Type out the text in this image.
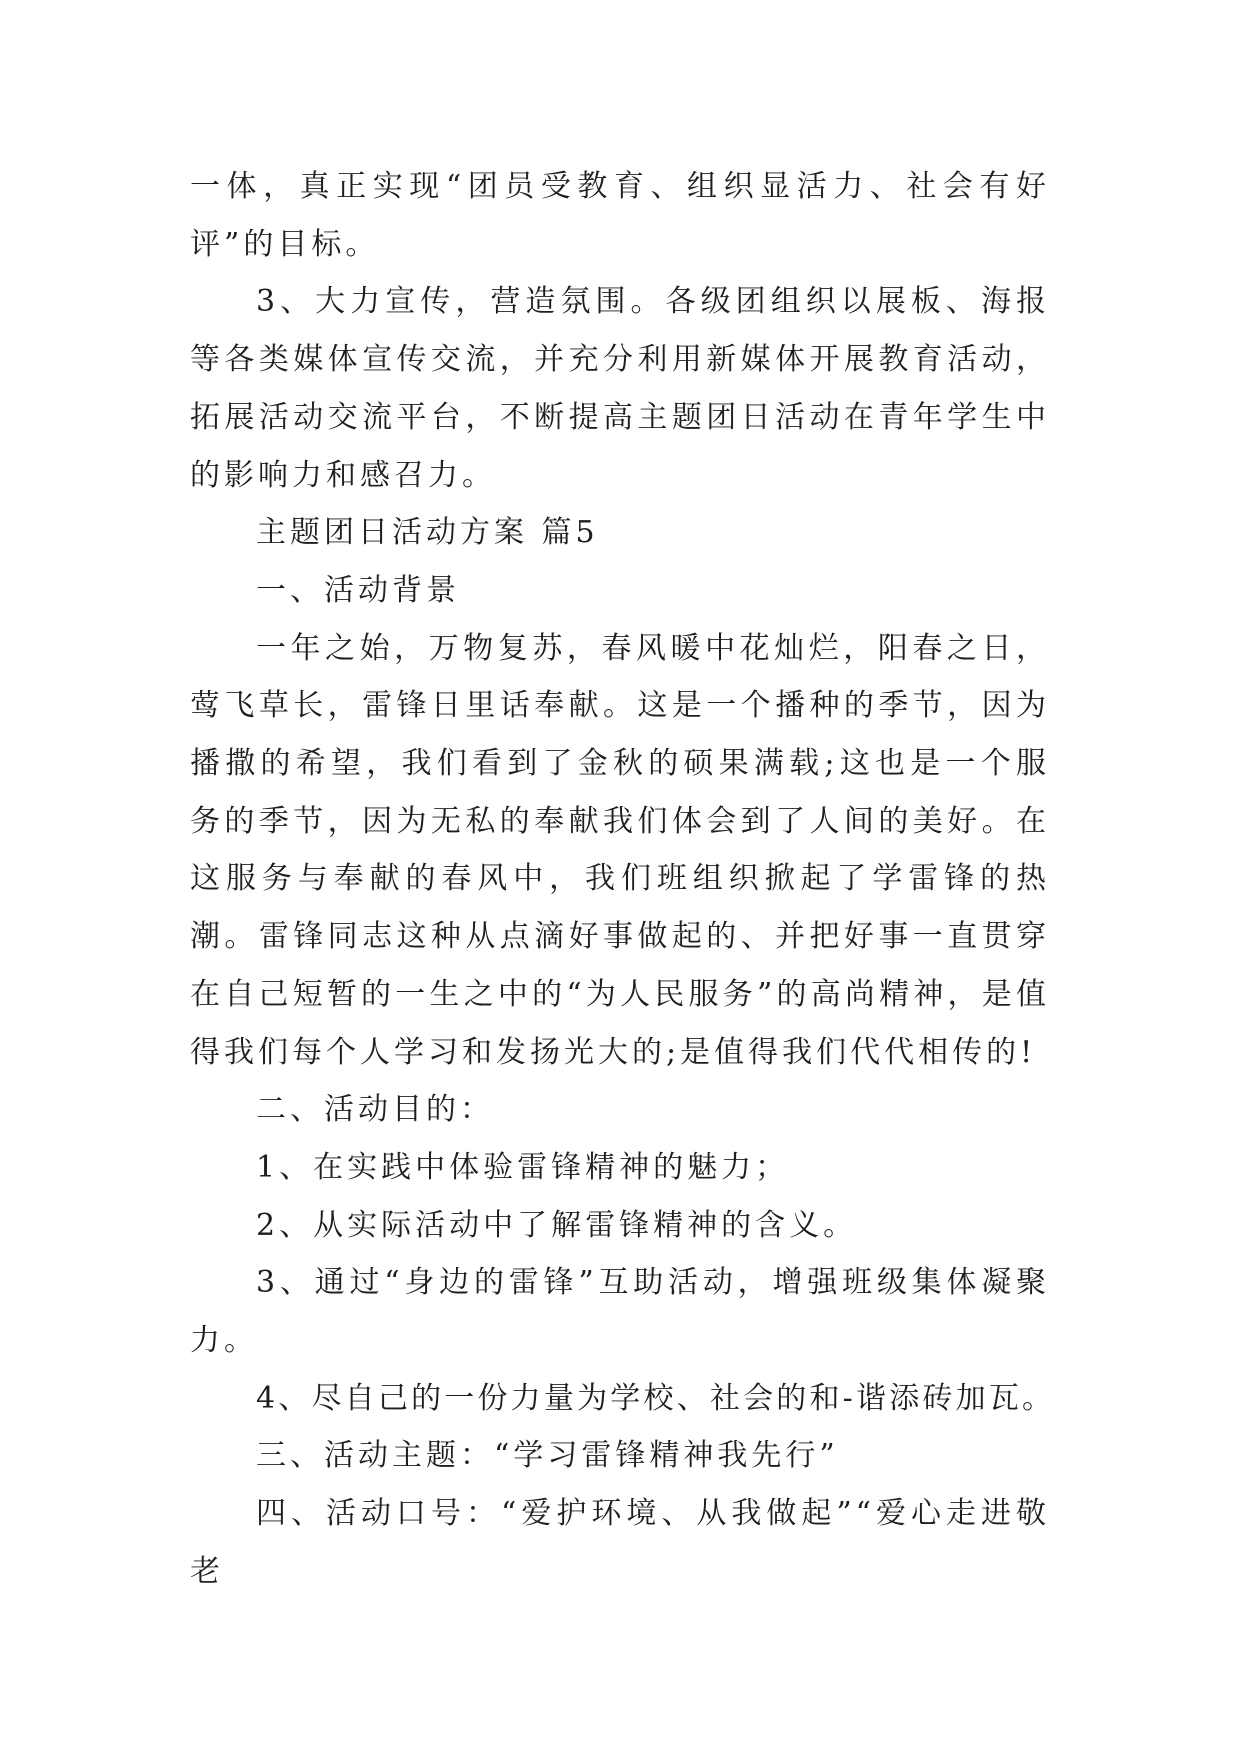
一体，真正实现“团员受教育、组织显活力、社会有好评”的目标。

3、大力宣传，营造氛围。各级团组织以展板、海报等各类媒体宣传交流，并充分利用新媒体开展教育活动，拓展活动交流平台，不断提高主题团日活动在青年学生中的影响力和感召力。

主题团日活动方案 篇5

一、活动背景

一年之始，万物复苏，春风暖中花灿烂，阳春之日，莺飞草长，雷锋日里话奉献。这是一个播种的季节，因为播撒的希望，我们看到了金秋的硕果满载;这也是一个服务的季节，因为无私的奉献我们体会到了人间的美好。在这服务与奉献的春风中，我们班组织掀起了学雷锋的热潮。雷锋同志这种从点滴好事做起的、并把好事一直贯穿在自己短暂的一生之中的“为人民服务”的高尚精神，是值得我们每个人学习和发扬光大的;是值得我们代代相传的!

二、活动目的：

1、在实践中体验雷锋精神的魅力；

2、从实际活动中了解雷锋精神的含义。

3、通过“身边的雷锋”互助活动，增强班级集体凝聚力。

4、尽自己的一份力量为学校、社会的和-谐添砖加瓦。

三、活动主题：“学习雷锋精神我先行”

四、活动口号：“爱护环境、从我做起”“爱心走进敬老
